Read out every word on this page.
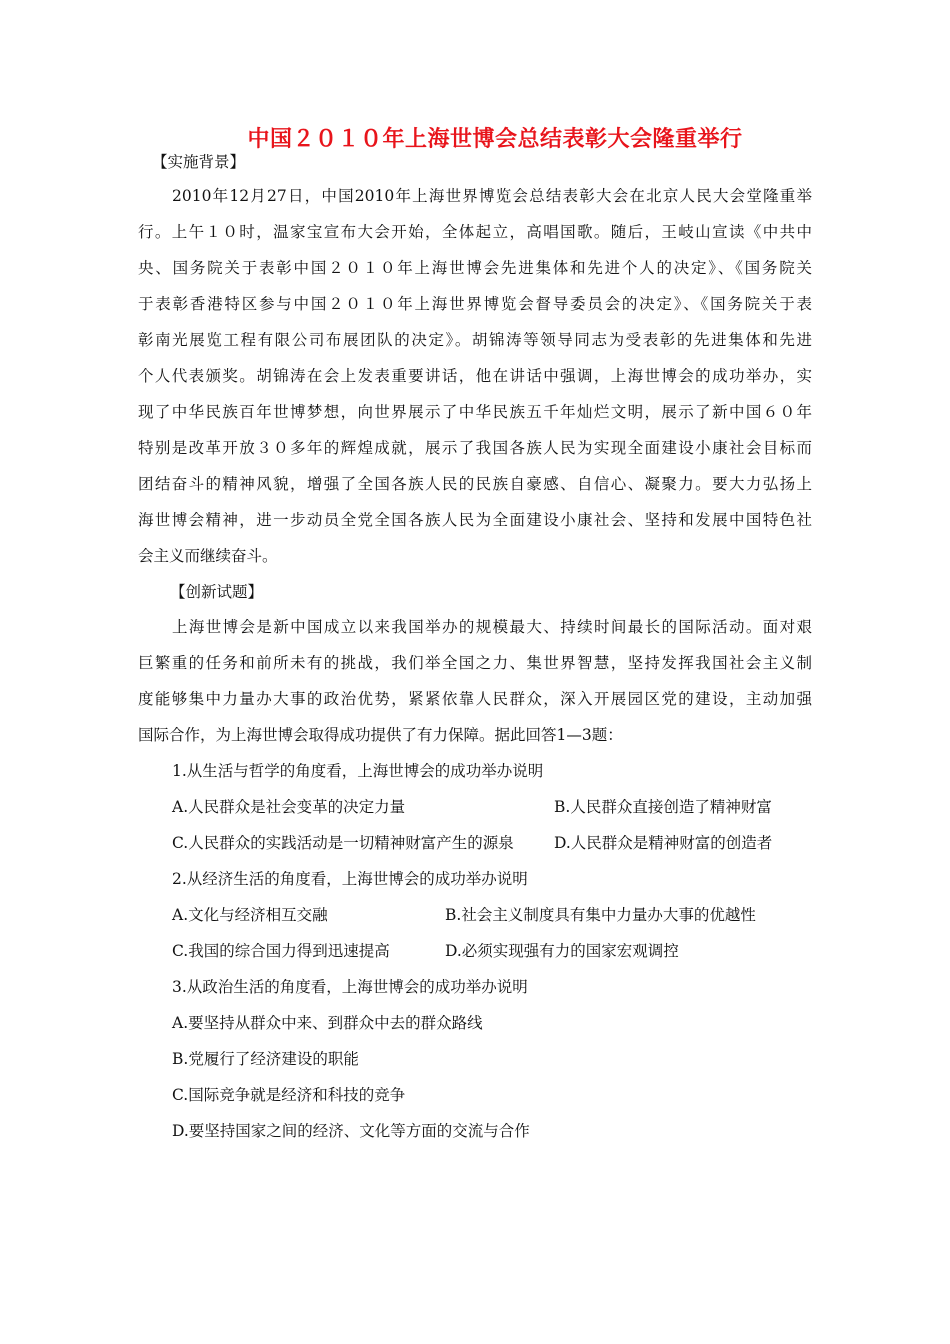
中国２０１０年上海世博会总结表彰大会隆重举行
【实施背景】
2010年12月27日，中国2010年上海世界博览会总结表彰大会在北京人民大会堂隆重举
行。上午１０时，温家宝宣布大会开始，全体起立，高唱国歌。随后，王岐山宣读《中共中
央、国务院关于表彰中国２０１０年上海世博会先进集体和先进个人的决定》、《国务院关
于表彰香港特区参与中国２０１０年上海世界博览会督导委员会的决定》、《国务院关于表
彰南光展览工程有限公司布展团队的决定》。胡锦涛等领导同志为受表彰的先进集体和先进
个人代表颁奖。胡锦涛在会上发表重要讲话，他在讲话中强调，上海世博会的成功举办，实
现了中华民族百年世博梦想，向世界展示了中华民族五千年灿烂文明，展示了新中国６０年
特别是改革开放３０多年的辉煌成就，展示了我国各族人民为实现全面建设小康社会目标而
团结奋斗的精神风貌，增强了全国各族人民的民族自豪感、自信心、凝聚力。要大力弘扬上
海世博会精神，进一步动员全党全国各族人民为全面建设小康社会、坚持和发展中国特色社
会主义而继续奋斗。
【创新试题】
上海世博会是新中国成立以来我国举办的规模最大、持续时间最长的国际活动。面对艰
巨繁重的任务和前所未有的挑战，我们举全国之力、集世界智慧，坚持发挥我国社会主义制
度能够集中力量办大事的政治优势，紧紧依靠人民群众，深入开展园区党的建设，主动加强
国际合作，为上海世博会取得成功提供了有力保障。据此回答1—3题：
1.从生活与哲学的角度看，上海世博会的成功举办说明
A.人民群众是社会变革的决定力量	B.人民群众直接创造了精神财富
C.人民群众的实践活动是一切精神财富产生的源泉	D.人民群众是精神财富的创造者
2.从经济生活的角度看，上海世博会的成功举办说明
A.文化与经济相互交融	B.社会主义制度具有集中力量办大事的优越性
C.我国的综合国力得到迅速提高	D.必须实现强有力的国家宏观调控
3.从政治生活的角度看，上海世博会的成功举办说明
A.要坚持从群众中来、到群众中去的群众路线
B.党履行了经济建设的职能
C.国际竞争就是经济和科技的竞争
D.要坚持国家之间的经济、文化等方面的交流与合作
